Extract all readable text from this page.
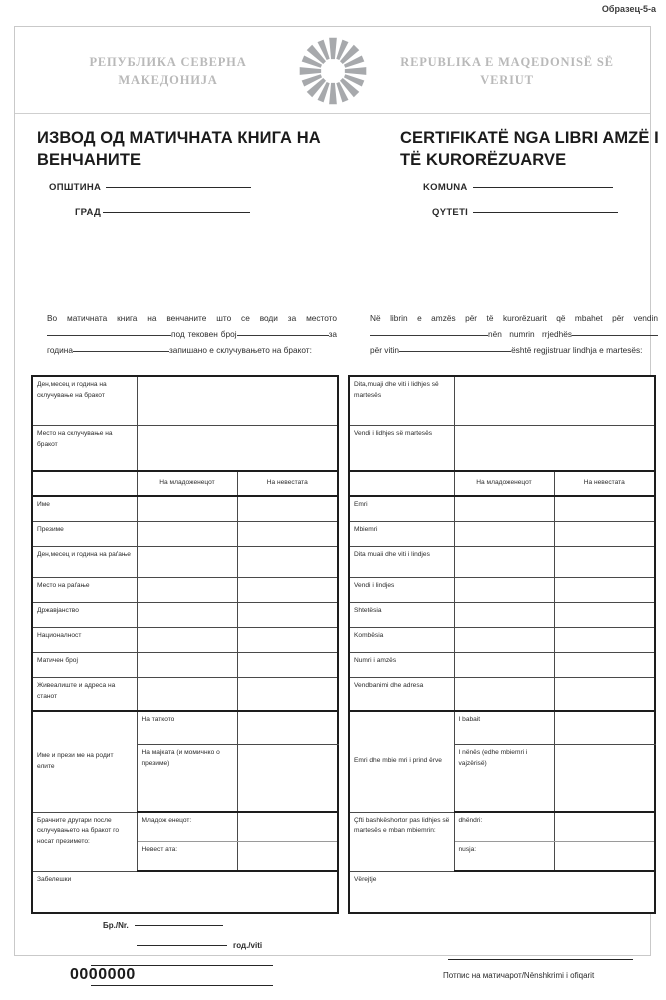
Образец-5-а
РЕПУБЛИКА СЕВЕРНА МАКЕДОНИЈА
REPUBLIKA E MAQEDONISË SË VERIUT
ИЗВОД ОД МАТИЧНАТА КНИГА НА ВЕНЧАНИТЕ
CERTIFIKATË NGA LIBRI AMZË I TË KURORËZUARVE
ОПШТИНА
ГРАД
KOMUNA
QYTETI
Во матичната книга на венчаните што се води за местотопод текoвен број	за година	запишано е склучувањето на бракот:
Në librin e amzës për të kurorëzuarit që mbahet për vendinnën numrin rrjedhëspër vitin	është regjistruar lindhja e martesës:
Ден,месец и година на склучување на бракот			
Место на склучување на бракот			
	На младоженецот	На невестата	
Име			
Презиме			
Ден,месец и година на раѓање			
Место на раѓање			
Државјанство			
Националност			
Матичен број			
Живеалиште и адреса на станот			
Име и прези ме на родит елите	На таткото		
	На мајката (и момичнко о презиме)		
Брачните другари после склучувањето на бракот го носат презимето:	Младож енецот:		
	Невест ата:		
Забелешки			
Dita,muaji dhe viti i lidhjes së martesës			
Vendi i lidhjes së martesës			
	На младоженецот	На невестата	
Emri			
Mbiemri			
Dita muaii dhe viti i lindjes			
Vendi i lindjes			
Shtetësia			
Kombësia			
Numri i amzës			
Vendbanimi dhe adresa			
Emri dhe mbie mri i prind ërve	I babait		
	I nënës (edhe mbiemri i vajzërisë)		
Çfti bashkëshortor pas lidhjes së martesës e mban mbiemrin:	dhëndri:		
	nusja:		
Vërejtje			
Бр./Nr.
год./viti
Потпис на матичарот/Nënshkrimi i ofiqarit
0000000
